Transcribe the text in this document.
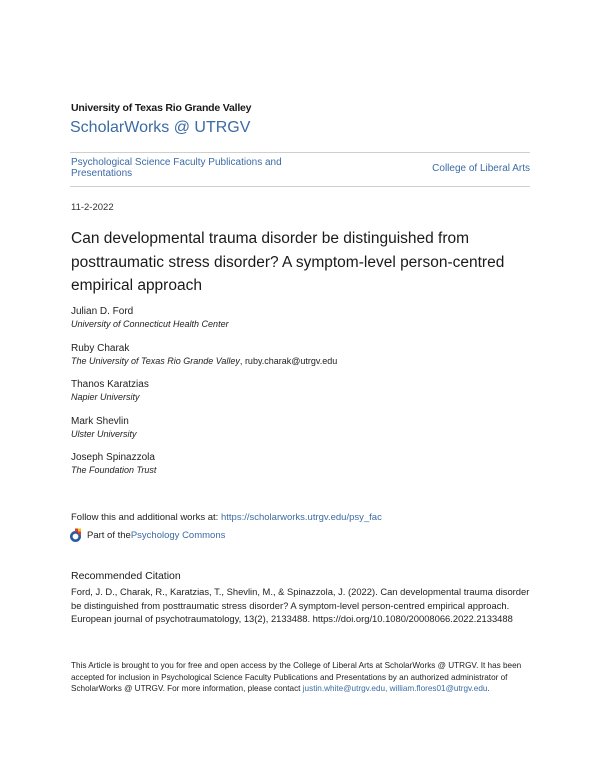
University of Texas Rio Grande Valley
ScholarWorks @ UTRGV
Psychological Science Faculty Publications and Presentations	College of Liberal Arts
11-2-2022
Can developmental trauma disorder be distinguished from posttraumatic stress disorder? A symptom-level person-centred empirical approach
Julian D. Ford
University of Connecticut Health Center
Ruby Charak
The University of Texas Rio Grande Valley, ruby.charak@utrgv.edu
Thanos Karatzias
Napier University
Mark Shevlin
Ulster University
Joseph Spinazzola
The Foundation Trust
Follow this and additional works at: https://scholarworks.utrgv.edu/psy_fac
Part of the Psychology Commons
Recommended Citation
Ford, J. D., Charak, R., Karatzias, T., Shevlin, M., & Spinazzola, J. (2022). Can developmental trauma disorder be distinguished from posttraumatic stress disorder? A symptom-level person-centred empirical approach. European journal of psychotraumatology, 13(2), 2133488. https://doi.org/10.1080/20008066.2022.2133488
This Article is brought to you for free and open access by the College of Liberal Arts at ScholarWorks @ UTRGV. It has been accepted for inclusion in Psychological Science Faculty Publications and Presentations by an authorized administrator of ScholarWorks @ UTRGV. For more information, please contact justin.white@utrgv.edu, william.flores01@utrgv.edu.
